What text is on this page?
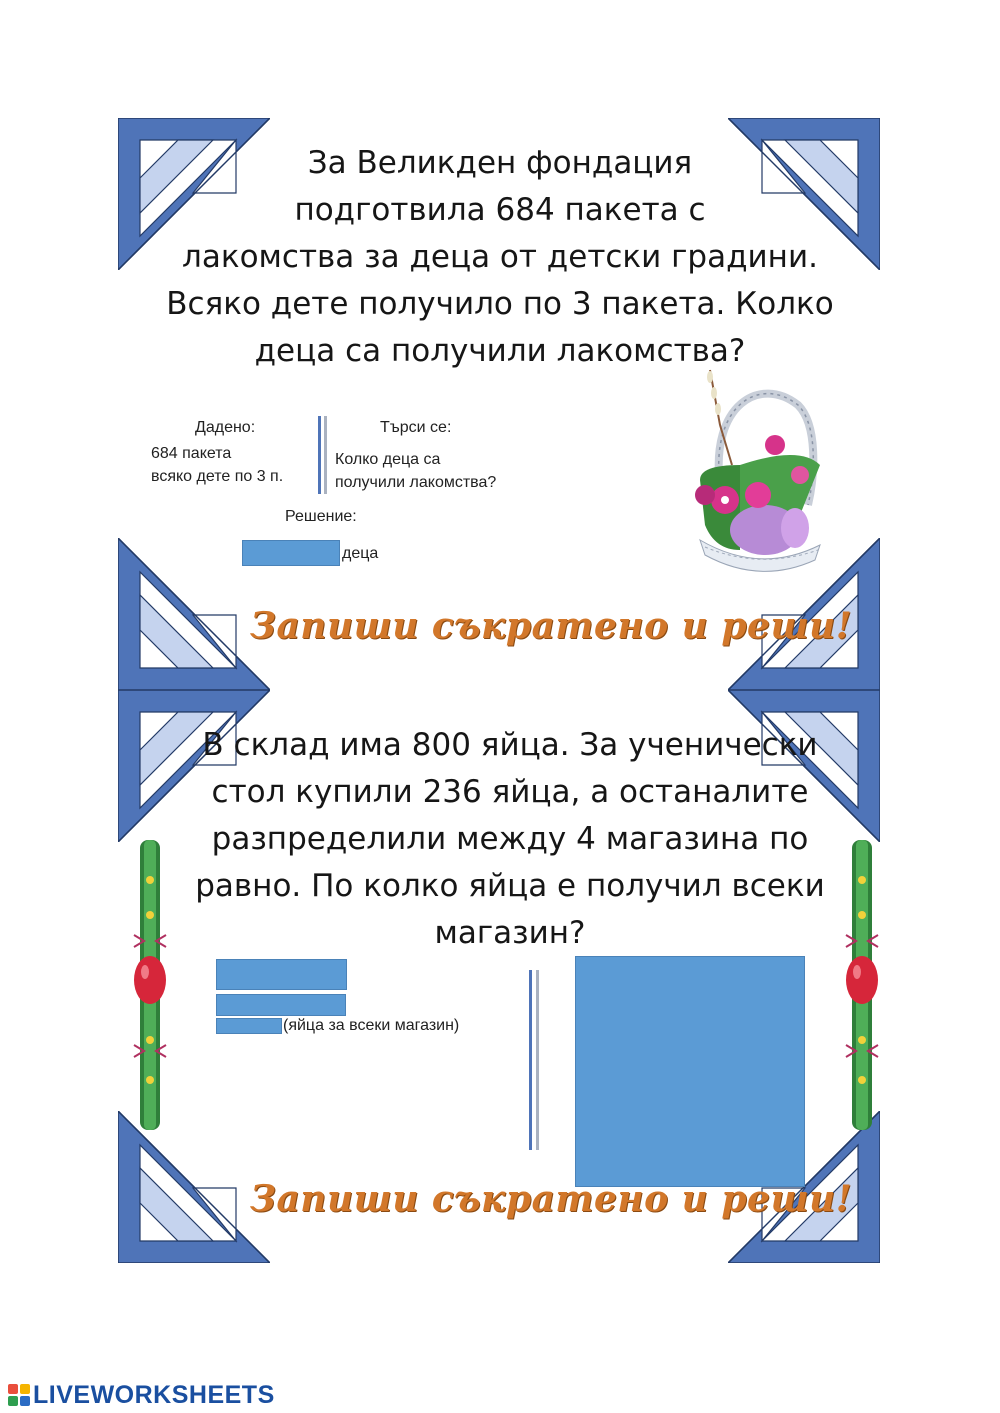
За Великден фондация
подготвила 684 пакета с
лакомства за деца от детски градини.
Всяко дете получило по 3 пакета. Колко
деца са получили лакомства?
Дадено:
684 пакета
всяко дете по 3 п.
Търси се:
Колко деца са
получили лакомства?
Решение:
деца
Запиши съкратено и реши!
В склад има 800 яйца. За ученически
стол купили 236 яйца, а останалите
разпределили между 4 магазина по
равно. По колко яйца е получил всеки
магазин?
(яйца за всеки магазин)
Запиши съкратено и реши!
LIVEWORKSHEETS
